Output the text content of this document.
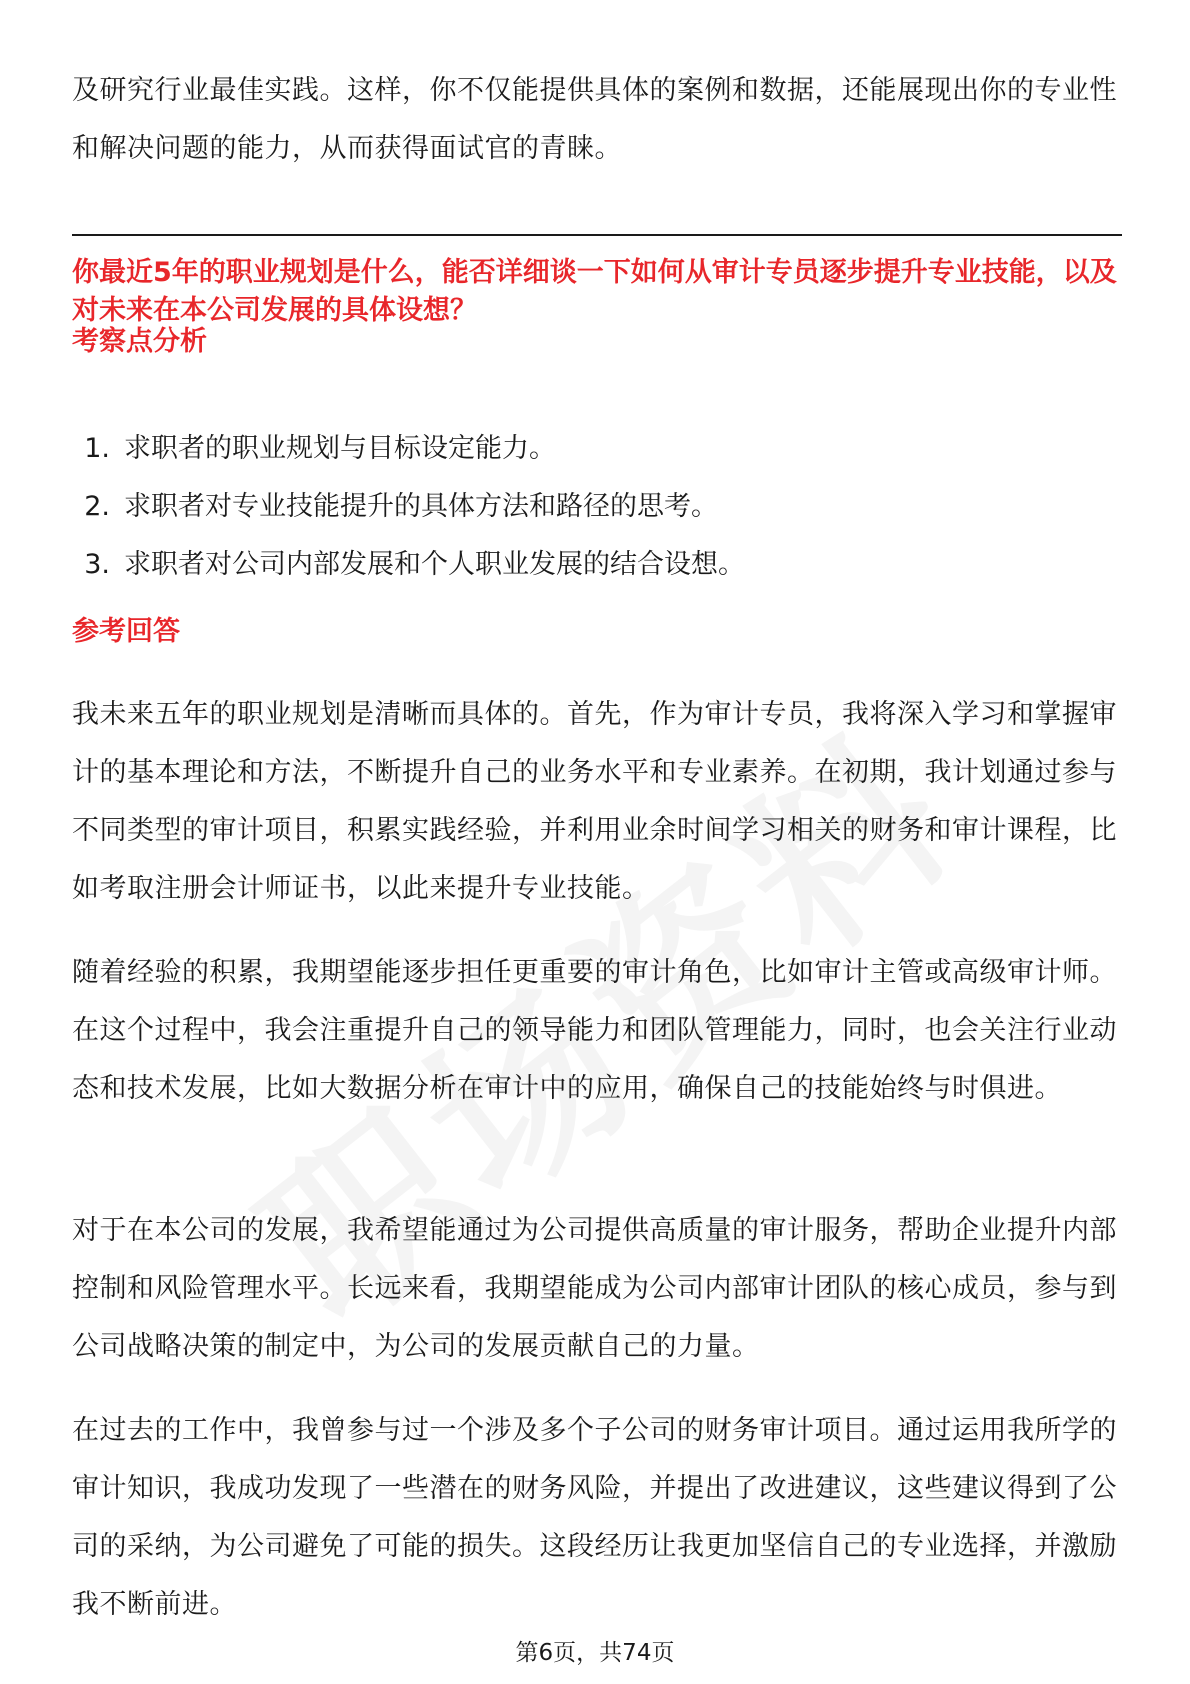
及研究行业最佳实践。这样，你不仅能提供具体的案例和数据，还能展现出你的专业性和解决问题的能力，从而获得面试官的青睐。

你最近5年的职业规划是什么，能否详细谈一下如何从审计专员逐步提升专业技能，以及对未来在本公司发展的具体设想？

考察点分析
1. 求职者的职业规划与目标设定能力。
2. 求职者对专业技能提升的具体方法和路径的思考。
3. 求职者对公司内部发展和个人职业发展的结合设想。
参考回答

我未来五年的职业规划是清晰而具体的。首先，作为审计专员，我将深入学习和掌握审计的基本理论和方法，不断提升自己的业务水平和专业素养。在初期，我计划通过参与不同类型的审计项目，积累实践经验，并利用业余时间学习相关的财务和审计课程，比如考取注册会计师证书，以此来提升专业技能。

随着经验的积累，我期望能逐步担任更重要的审计角色，比如审计主管或高级审计师。在这个过程中，我会注重提升自己的领导能力和团队管理能力，同时，也会关注行业动态和技术发展，比如大数据分析在审计中的应用，确保自己的技能始终与时俱进。

对于在本公司的发展，我希望能通过为公司提供高质量的审计服务，帮助企业提升内部控制和风险管理水平。长远来看，我期望能成为公司内部审计团队的核心成员，参与到公司战略决策的制定中，为公司的发展贡献自己的力量。

在过去的工作中，我曾参与过一个涉及多个子公司的财务审计项目。通过运用我所学的审计知识，我成功发现了一些潜在的财务风险，并提出了改进建议，这些建议得到了公司的采纳，为公司避免了可能的损失。这段经历让我更加坚信自己的专业选择，并激励我不断前进。

第6页，共74页
